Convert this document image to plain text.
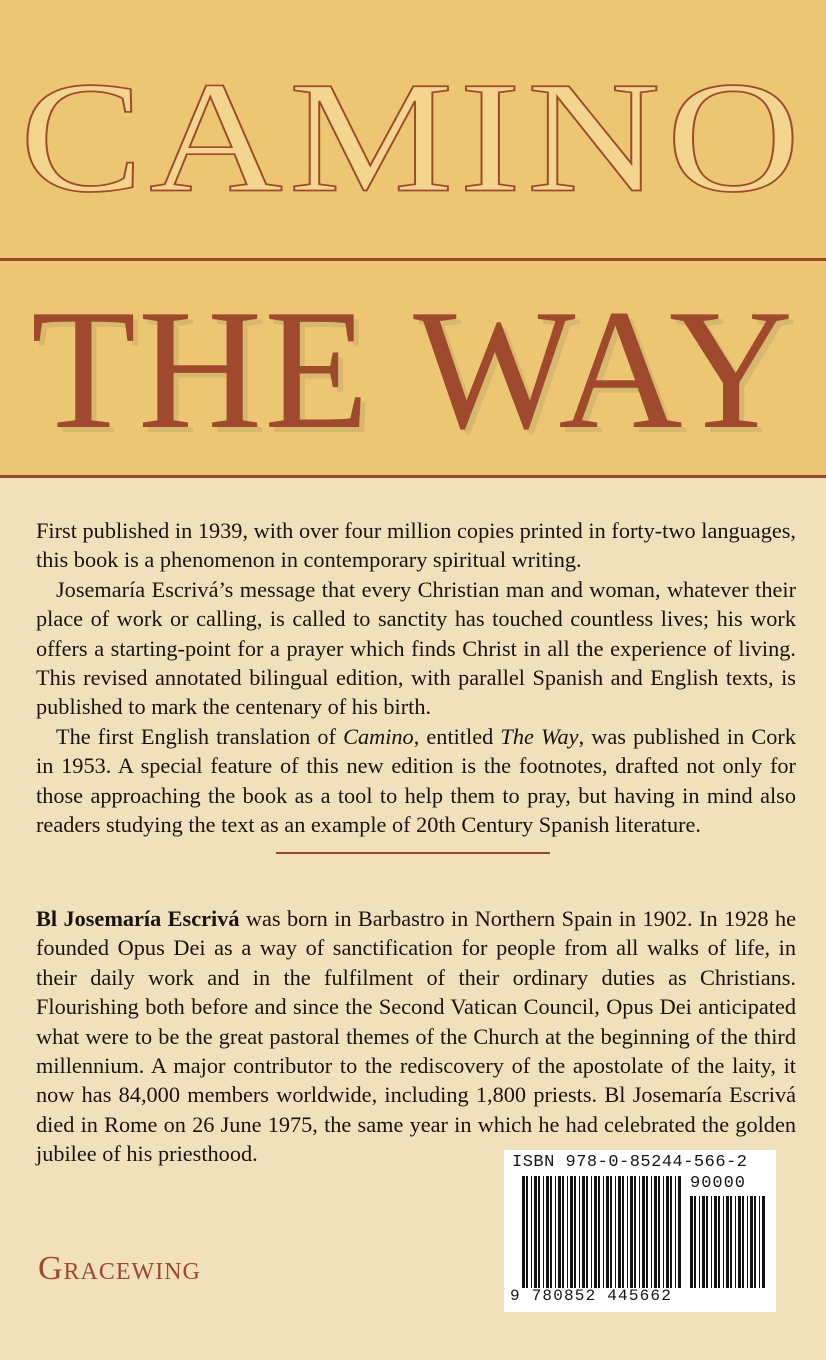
CAMINO
THE WAY

First published in 1939, with over four million copies printed in forty-two languages, this book is a phenomenon in contemporary spiritual writing.

Josemaría Escrivá’s message that every Christian man and woman, whatever their place of work or calling, is called to sanctity has touched countless lives; his work offers a starting-point for a prayer which finds Christ in all the experience of living. This revised annotated bilingual edition, with parallel Spanish and English texts, is published to mark the centenary of his birth.

The first English translation of Camino, entitled The Way, was published in Cork in 1953. A special feature of this new edition is the footnotes, drafted not only for those approaching the book as a tool to help them to pray, but having in mind also readers studying the text as an example of 20th Century Spanish literature.

Bl Josemaría Escrivá was born in Barbastro in Northern Spain in 1902. In 1928 he founded Opus Dei as a way of sanctification for people from all walks of life, in their daily work and in the fulfilment of their ordinary duties as Christians. Flourishing both before and since the Second Vatican Council, Opus Dei anticipated what were to be the great pastoral themes of the Church at the beginning of the third millennium. A major contributor to the rediscovery of the apostolate of the laity, it now has 84,000 members worldwide, including 1,800 priests. Bl Josemaría Escrivá died in Rome on 26 June 1975, the same year in which he had celebrated the golden jubilee of his priesthood.

Gracewing
ISBN 978-0-85244-566-2
90000
9 780852 445662
